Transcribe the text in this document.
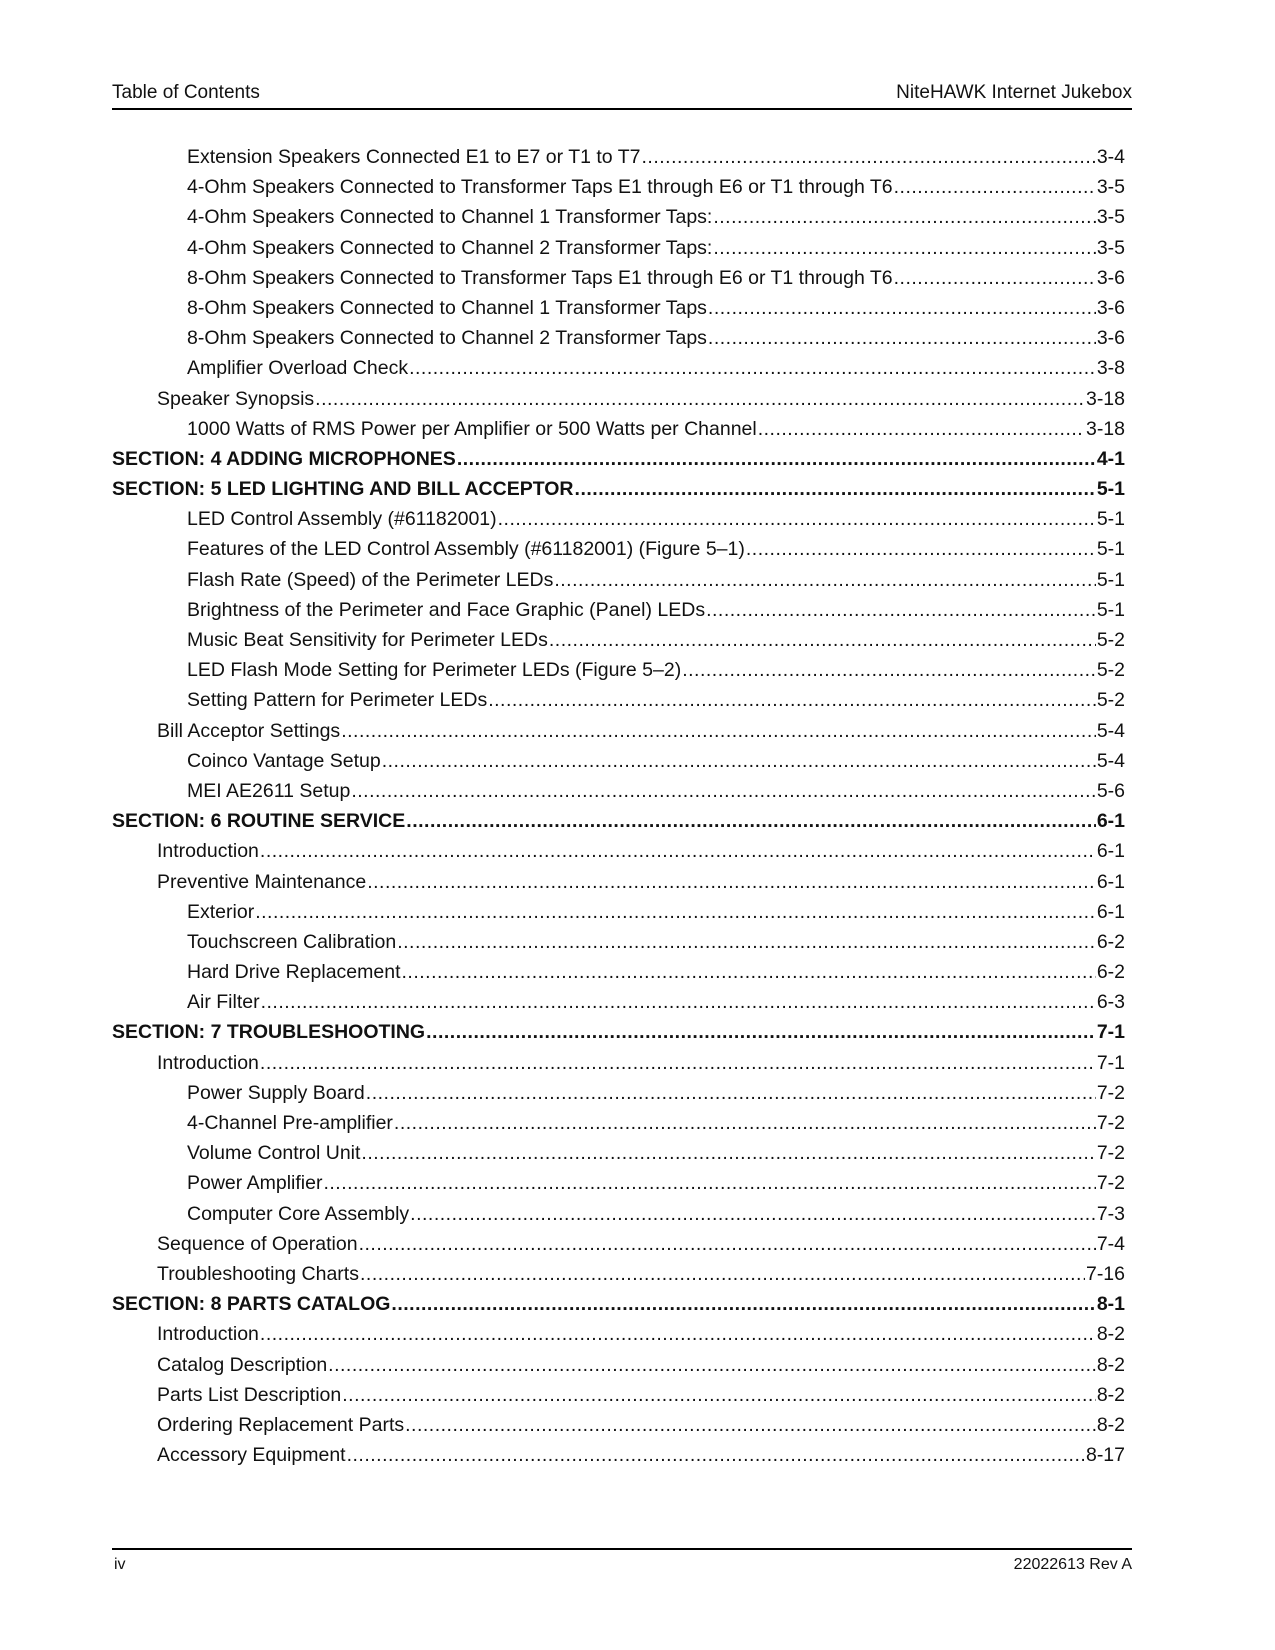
Table of Contents	NiteHAWK Internet Jukebox
Extension Speakers Connected E1 to E7 or T1 to T7 .....	3-4
4-Ohm Speakers Connected to Transformer Taps E1 through E6 or T1 through T6 .....	3-5
4-Ohm Speakers Connected to Channel 1 Transformer Taps: .....	3-5
4-Ohm Speakers Connected to Channel 2 Transformer Taps: .....	3-5
8-Ohm Speakers Connected to Transformer Taps E1 through E6 or T1 through T6 .....	3-6
8-Ohm Speakers Connected to Channel 1 Transformer Taps .....	3-6
8-Ohm Speakers Connected to Channel 2 Transformer Taps .....	3-6
Amplifier Overload Check .....	3-8
Speaker Synopsis .....	3-18
1000 Watts of RMS Power per Amplifier or 500 Watts per Channel .....	3-18
SECTION: 4 ADDING MICROPHONES .....	4-1
SECTION: 5 LED LIGHTING AND BILL ACCEPTOR .....	5-1
LED Control Assembly (#61182001) .....	5-1
Features of the LED Control Assembly (#61182001) (Figure 5–1) .....	5-1
Flash Rate (Speed) of the Perimeter LEDs .....	5-1
Brightness of the Perimeter and Face Graphic (Panel) LEDs .....	5-1
Music Beat Sensitivity for Perimeter LEDs .....	5-2
LED Flash Mode Setting for Perimeter LEDs (Figure 5–2) .....	5-2
Setting Pattern for Perimeter LEDs .....	5-2
Bill Acceptor Settings .....	5-4
Coinco Vantage Setup .....	5-4
MEI AE2611 Setup .....	5-6
SECTION: 6 ROUTINE SERVICE .....	6-1
Introduction .....	6-1
Preventive Maintenance .....	6-1
Exterior .....	6-1
Touchscreen Calibration .....	6-2
Hard Drive Replacement .....	6-2
Air Filter .....	6-3
SECTION: 7 TROUBLESHOOTING .....	7-1
Introduction .....	7-1
Power Supply Board .....	7-2
4-Channel Pre-amplifier .....	7-2
Volume Control Unit .....	7-2
Power Amplifier .....	7-2
Computer Core Assembly .....	7-3
Sequence of Operation .....	7-4
Troubleshooting Charts .....	7-16
SECTION: 8 PARTS CATALOG .....	8-1
Introduction .....	8-2
Catalog Description .....	8-2
Parts List Description .....	8-2
Ordering Replacement Parts .....	8-2
Accessory Equipment .....	8-17
iv	22022613 Rev A
